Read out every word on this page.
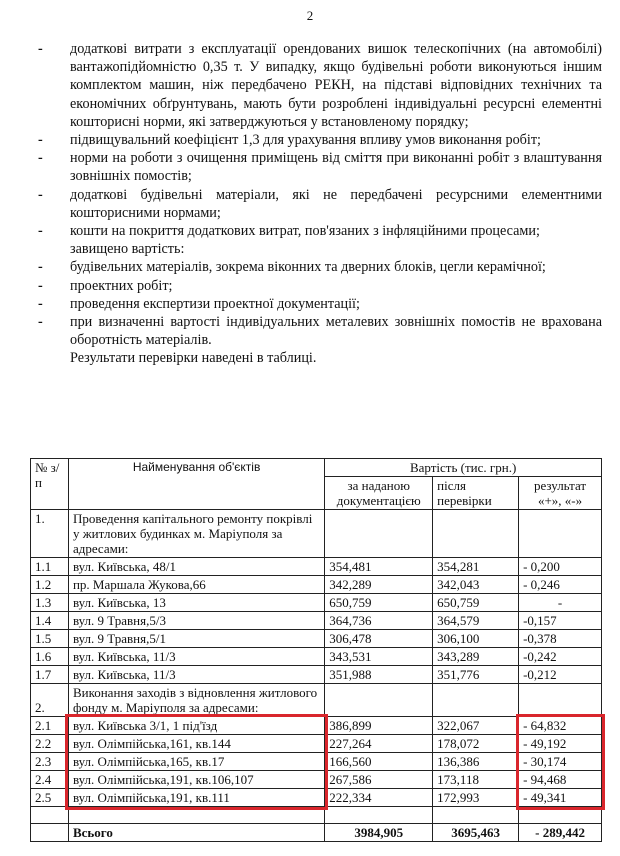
2

- додаткові витрати з експлуатації орендованих вишок телескопічних (на автомобілі) вантажопідйомністю 0,35 т. У випадку, якщо будівельні роботи виконуються іншим комплектом машин, ніж передбачено РЕКН, на підставі відповідних технічних та економічних обґрунтувань, мають бути розроблені індивідуальні ресурсні елементні кошторисні норми, які затверджуються у встановленому порядку;

- підвищувальний коефіцієнт 1,3 для урахування впливу умов виконання робіт;

- норми на роботи з очищення приміщень від сміття при виконанні робіт з влаштування зовнішніх помостів;

- додаткові будівельні матеріали, які не передбачені ресурсними елементними кошторисними нормами;

- кошти на покриття додаткових витрат, пов'язаних з інфляційними процесами;

завищено вартість:

- будівельних матеріалів, зокрема віконних та дверних блоків, цегли керамічної;

- проектних робіт;

- проведення експертизи проектної документації;

- при визначенні вартості індивідуальних металевих зовнішніх помостів не врахована оборотність матеріалів.

Результати перевірки наведені в таблиці.

№ з/п	Найменування об'єктів	Вартість (тис. грн.)		
		за наданою документацією	після перевірки	результат «+», «-»
1.	Проведення капітального ремонту покрівлі у житлових будинках м. Маріуполя за адресами:			
1.1	вул. Київська, 48/1	354,481	354,281	- 0,200
1.2	пр. Маршала Жукова,66	342,289	342,043	- 0,246
1.3	вул. Київська, 13	650,759	650,759	-
1.4	вул. 9 Травня,5/3	364,736	364,579	-0,157
1.5	вул. 9 Травня,5/1	306,478	306,100	-0,378
1.6	вул. Київська, 11/3	343,531	343,289	-0,242
1.7	вул. Київська, 11/3	351,988	351,776	-0,212
2.	Виконання заходів з відновлення житлового фонду м. Маріуполя за адресами:			
2.1	вул. Київська 3/1, 1 під'їзд	386,899	322,067	- 64,832
2.2	вул. Олімпійська,161, кв.144	227,264	178,072	- 49,192
2.3	вул. Олімпійська,165, кв.17	166,560	136,386	- 30,174
2.4	вул. Олімпійська,191, кв.106,107	267,586	173,118	- 94,468
2.5	вул. Олімпійська,191, кв.111	222,334	172,993	- 49,341

	Всього	3984,905	3695,463	- 289,442
